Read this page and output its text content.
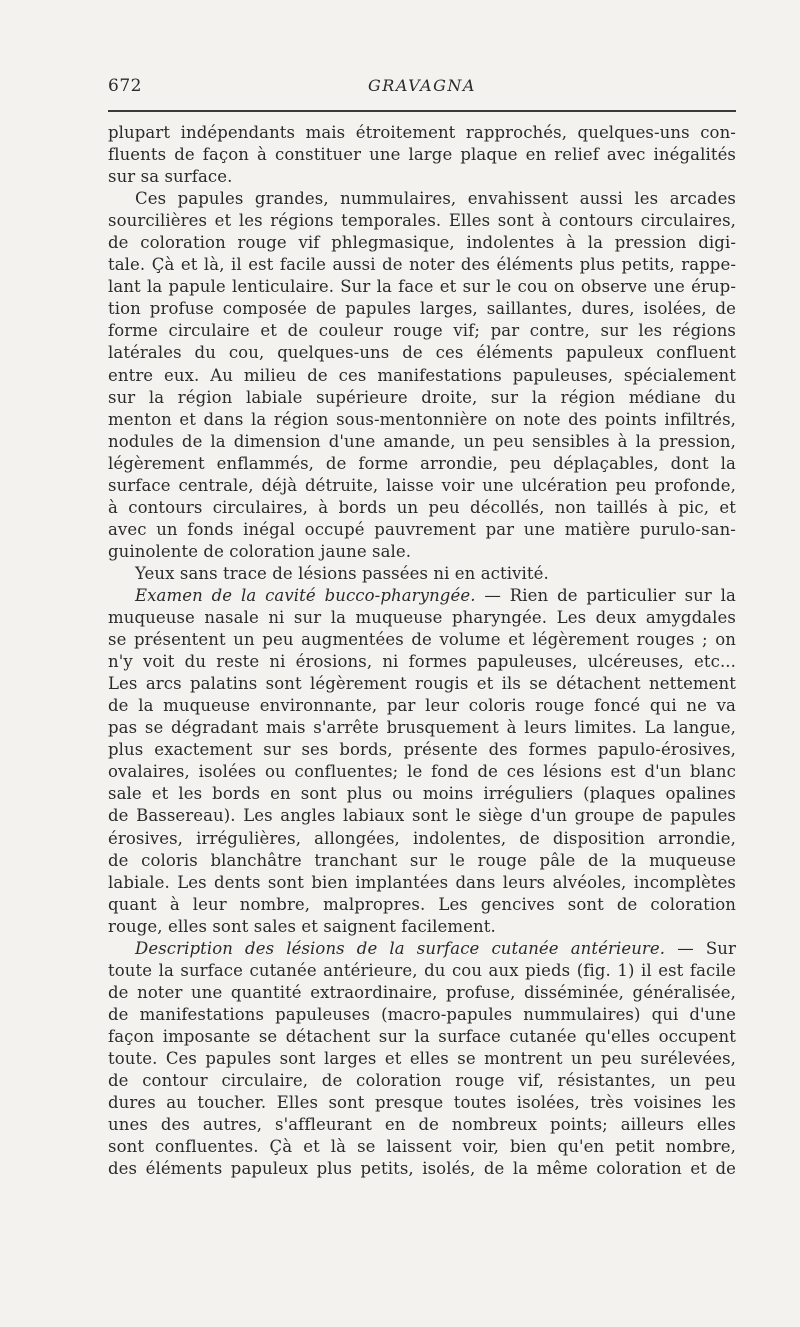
672	GRAVAGNA
plupart indépendants mais étroitement rapprochés, quelques-uns con-
fluents de façon à constituer une large plaque en relief avec inégalités
sur sa surface.
Ces papules grandes, nummulaires, envahissent aussi les arcades
sourcilières et les régions temporales. Elles sont à contours circulaires,
de coloration rouge vif phlegmasique, indolentes à la pression digi-
tale. Çà et là, il est facile aussi de noter des éléments plus petits, rappe-
lant la papule lenticulaire. Sur la face et sur le cou on observe une érup-
tion profuse composée de papules larges, saillantes, dures, isolées, de
forme circulaire et de couleur rouge vif; par contre, sur les régions
latérales du cou, quelques-uns de ces éléments papuleux confluent
entre eux. Au milieu de ces manifestations papuleuses, spécialement
sur la région labiale supérieure droite, sur la région médiane du
menton et dans la région sous-mentonnière on note des points infiltrés,
nodules de la dimension d'une amande, un peu sensibles à la pression,
légèrement enflammés, de forme arrondie, peu déplaçables, dont la
surface centrale, déjà détruite, laisse voir une ulcération peu profonde,
à contours circulaires, à bords un peu décollés, non taillés à pic, et
avec un fonds inégal occupé pauvrement par une matière purulo-san-
guinolente de coloration jaune sale.
Yeux sans trace de lésions passées ni en activité.
Examen de la cavité bucco-pharyngée. — Rien de particulier sur la
muqueuse nasale ni sur la muqueuse pharyngée. Les deux amygdales
se présentent un peu augmentées de volume et légèrement rouges ; on
n'y voit du reste ni érosions, ni formes papuleuses, ulcéreuses, etc...
Les arcs palatins sont légèrement rougis et ils se détachent nettement
de la muqueuse environnante, par leur coloris rouge foncé qui ne va
pas se dégradant mais s'arrête brusquement à leurs limites. La langue,
plus exactement sur ses bords, présente des formes papulo-érosives,
ovalaires, isolées ou confluentes; le fond de ces lésions est d'un blanc
sale et les bords en sont plus ou moins irréguliers (plaques opalines
de Bassereau). Les angles labiaux sont le siège d'un groupe de papules
érosives, irrégulières, allongées, indolentes, de disposition arrondie,
de coloris blanchâtre tranchant sur le rouge pâle de la muqueuse
labiale. Les dents sont bien implantées dans leurs alvéoles, incomplètes
quant à leur nombre, malpropres. Les gencives sont de coloration
rouge, elles sont sales et saignent facilement.
Description des lésions de la surface cutanée antérieure. — Sur
toute la surface cutanée antérieure, du cou aux pieds (fig. 1) il est facile
de noter une quantité extraordinaire, profuse, disséminée, généralisée,
de manifestations papuleuses (macro-papules nummulaires) qui d'une
façon imposante se détachent sur la surface cutanée qu'elles occupent
toute. Ces papules sont larges et elles se montrent un peu surélevées,
de contour circulaire, de coloration rouge vif, résistantes, un peu
dures au toucher. Elles sont presque toutes isolées, très voisines les
unes des autres, s'affleurant en de nombreux points; ailleurs elles
sont confluentes. Çà et là se laissent voir, bien qu'en petit nombre,
des éléments papuleux plus petits, isolés, de la même coloration et de
